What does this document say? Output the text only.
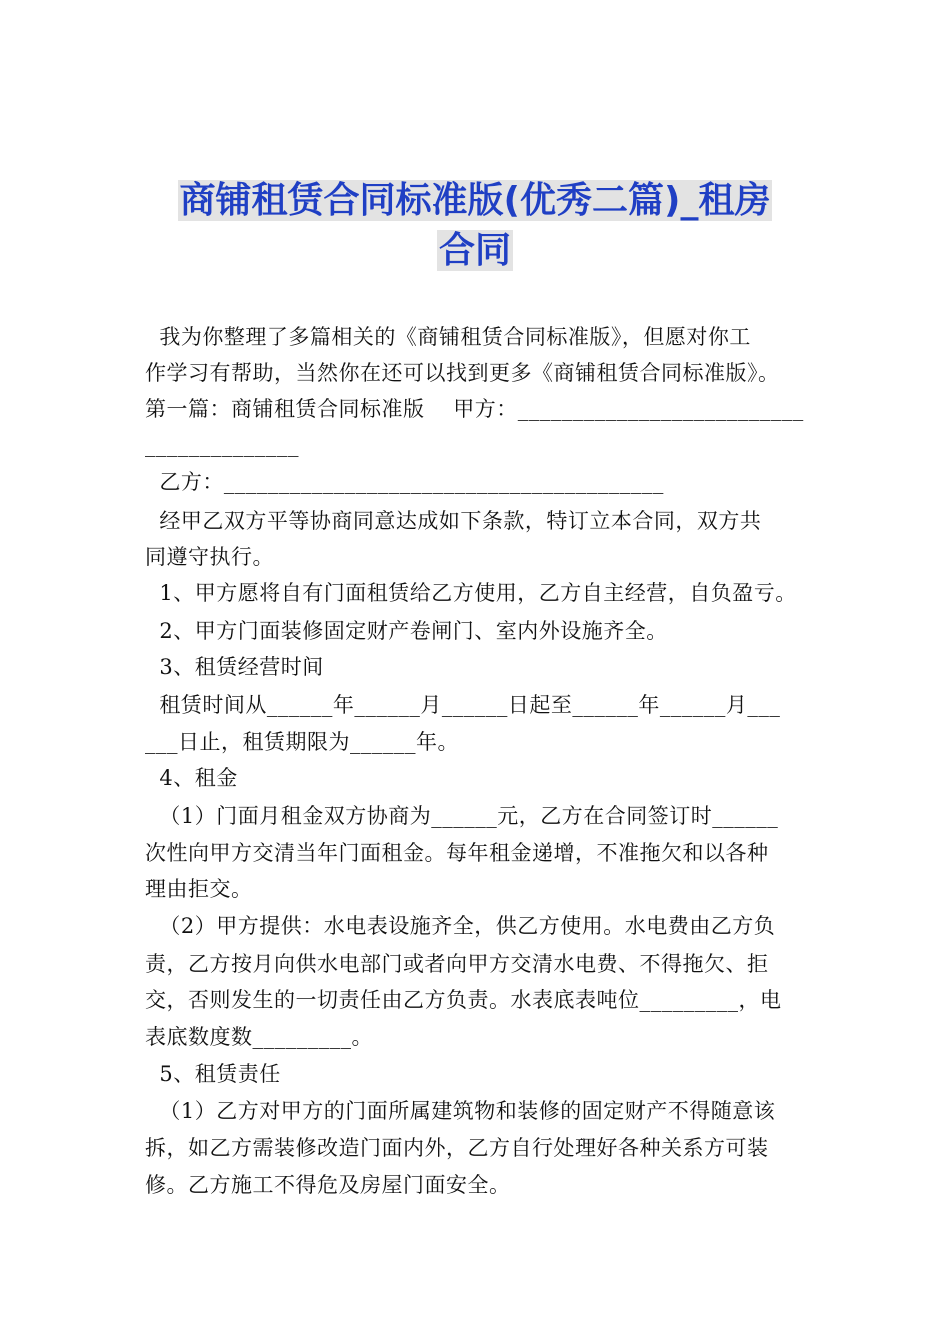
商铺租赁合同标准版(优秀二篇)_租房
合同
我为你整理了多篇相关的《商铺租赁合同标准版》，但愿对你工
作学习有帮助，当然你在还可以找到更多《商铺租赁合同标准版》。
第一篇：商铺租赁合同标准版    甲方：__________________________
______________
乙方：________________________________________
经甲乙双方平等协商同意达成如下条款，特订立本合同，双方共
同遵守执行。
1、甲方愿将自有门面租赁给乙方使用，乙方自主经营，自负盈亏。
2、甲方门面装修固定财产卷闸门、室内外设施齐全。
3、租赁经营时间
租赁时间从______年______月______日起至______年______月___
___日止，租赁期限为______年。
4、租金
（1）门面月租金双方协商为______元，乙方在合同签订时______
次性向甲方交清当年门面租金。每年租金递增，不准拖欠和以各种
理由拒交。
（2）甲方提供：水电表设施齐全，供乙方使用。水电费由乙方负
责，乙方按月向供水电部门或者向甲方交清水电费、不得拖欠、拒
交，否则发生的一切责任由乙方负责。水表底表吨位_________，电
表底数度数_________。
5、租赁责任
（1）乙方对甲方的门面所属建筑物和装修的固定财产不得随意该
拆，如乙方需装修改造门面内外，乙方自行处理好各种关系方可装
修。乙方施工不得危及房屋门面安全。
